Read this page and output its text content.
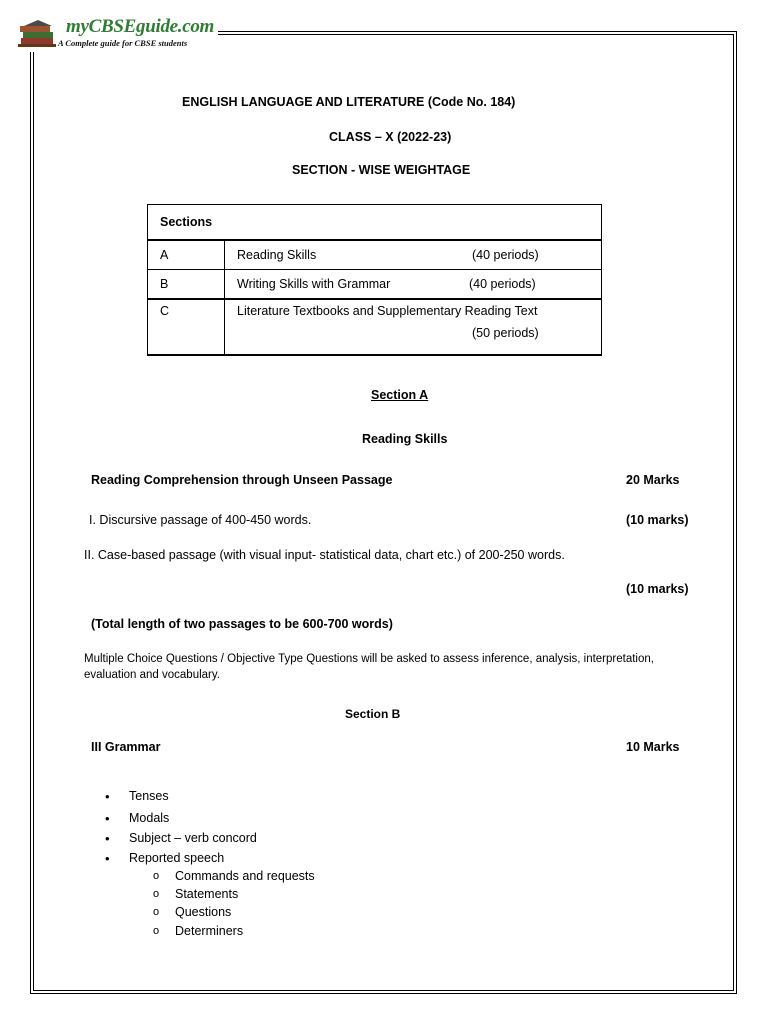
myCBSEguide.com
A Complete guide for CBSE students
ENGLISH LANGUAGE AND LITERATURE (Code No. 184)
CLASS – X (2022-23)
SECTION - WISE WEIGHTAGE
Sections	
A	Reading Skills (40 periods)

B	Writing Skills with Grammar (40 periods)

C	Literature Textbooks and Supplementary Reading Text
(50 periods)
Section A
Reading Skills
Reading Comprehension through Unseen Passage	20 Marks
I. Discursive passage of 400-450 words.	(10 marks)
II. Case-based passage (with visual input- statistical data, chart etc.) of 200-250 words.
(10 marks)
(Total length of two passages to be 600-700 words)
Multiple Choice Questions / Objective Type Questions will be asked to assess inference, analysis, interpretation,
evaluation and vocabulary.
Section B
III Grammar	10 Marks
• Tenses
• Modals
• Subject – verb concord
• Reported speech
o Commands and requests
o Statements
o Questions
o Determiners
